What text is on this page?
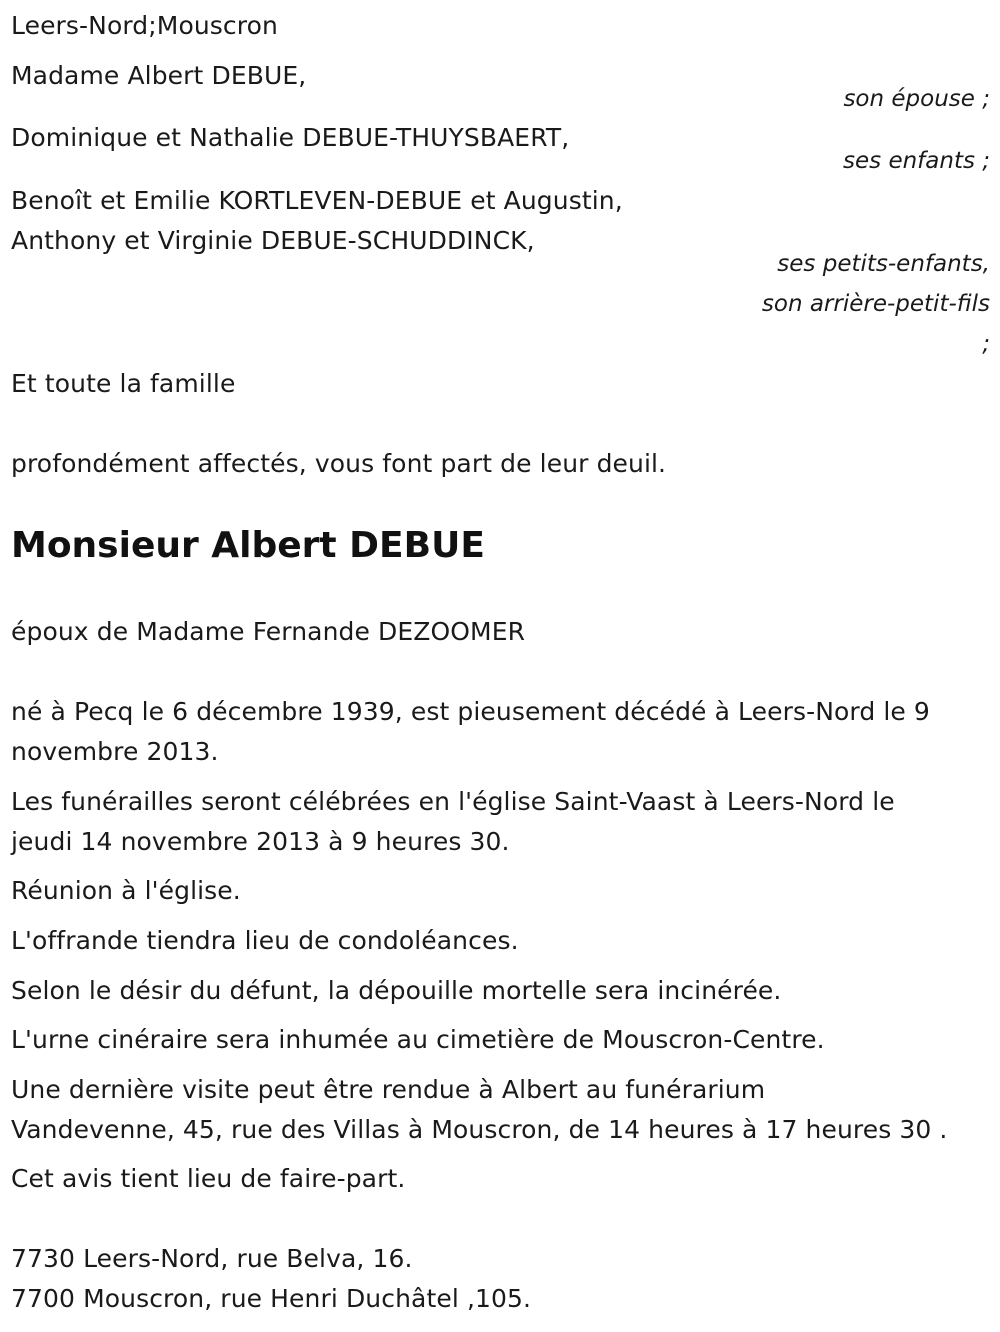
Leers-Nord;Mouscron

Madame Albert DEBUE,

son épouse ;

Dominique et Nathalie DEBUE-THUYSBAERT,

ses enfants ;

Benoît et Emilie KORTLEVEN-DEBUE et Augustin,

Anthony et Virginie DEBUE-SCHUDDINCK,

ses petits-enfants,

son arrière-petit-fils

;

Et toute la famille

profondément affectés, vous font part de leur deuil.

Monsieur Albert DEBUE

époux de Madame Fernande DEZOOMER

né à Pecq le 6 décembre 1939, est pieusement décédé à Leers-Nord le 9

novembre 2013.

Les funérailles seront célébrées en l'église Saint-Vaast à Leers-Nord le

jeudi 14 novembre 2013 à 9 heures 30.

Réunion à l'église.

L'offrande tiendra lieu de condoléances.

Selon le désir du défunt, la dépouille mortelle sera incinérée.

L'urne cinéraire sera inhumée au cimetière de Mouscron-Centre.

Une dernière visite peut être rendue à Albert au funérarium

Vandevenne, 45, rue des Villas à Mouscron, de 14 heures à 17 heures 30 .

Cet avis tient lieu de faire-part.

7730 Leers-Nord, rue Belva, 16.

7700 Mouscron, rue Henri Duchâtel ,105.
